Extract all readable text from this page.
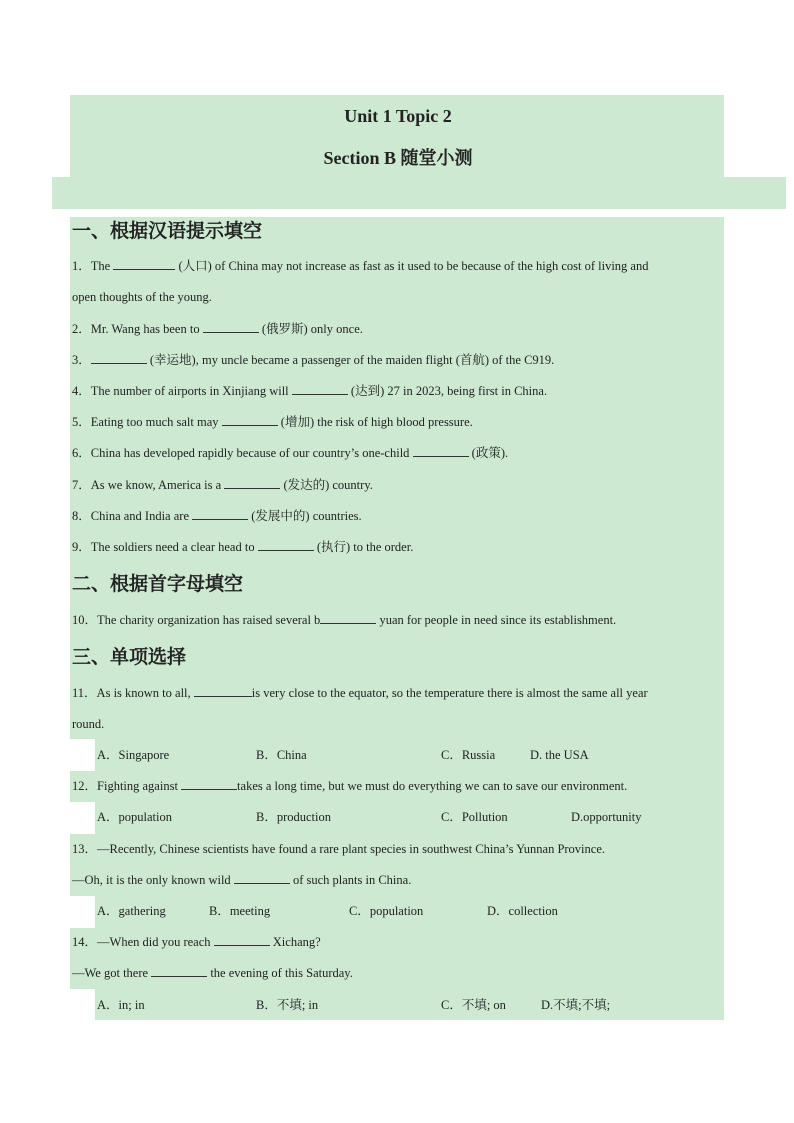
Unit 1 Topic 2
Section B 随堂小测
一、根据汉语提示填空
1．The	(人口) of China may not increase as fast as it used to be because of the high cost of living and
open thoughts of the young.
2．Mr. Wang has been to	(俄罗斯) only once.
3．	(幸运地), my uncle became a passenger of the maiden flight (首航) of the C919.
4．The number of airports in Xinjiang will	(达到) 27 in 2023, being first in China.
5．Eating too much salt may	(增加) the risk of high blood pressure.
6．China has developed rapidly because of our country’s one-child	(政策).
7．As we know, America is a	(发达的) country.
8．China and India are	(发展中的) countries.
9．The soldiers need a clear head to	(执行) to the order.
二、根据首字母填空
10．The charity organization has raised several b	yuan for people in need since its establishment.
三、单项选择
11．As is known to all,	is very close to the equator, so the temperature there is almost the same all year
round.
A．Singapore	B．China	C．Russia	D. the USA
12．Fighting against	takes a long time, but we must do everything we can to save our environment.
A．population	B．production	C．Pollution	D.opportunity
13．—Recently, Chinese scientists have found a rare plant species in southwest China’s Yunnan Province.
—Oh, it is the only known wild	of such plants in China.
A．gathering	B．meeting	C．population	D．collection
14．—When did you reach	Xichang?
—We got there	the evening of this Saturday.
A．in; in	B．不填; in	C．不填; on	D.不填;不填;
